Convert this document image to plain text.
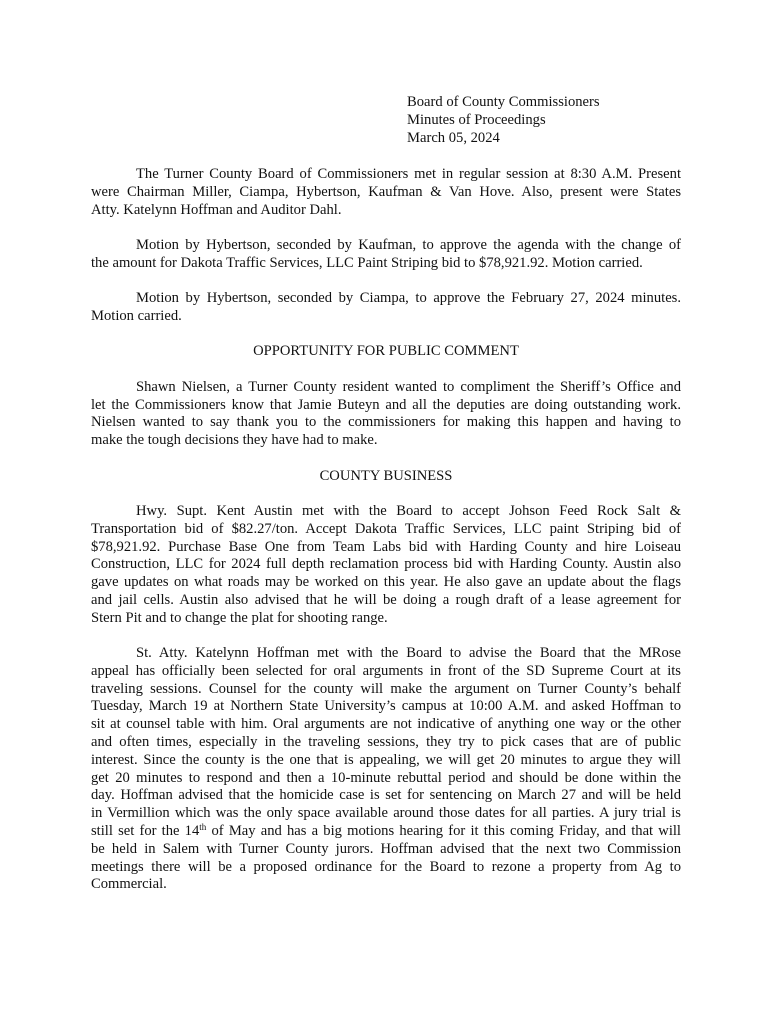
Board of County Commissioners
Minutes of Proceedings
March 05, 2024
The Turner County Board of Commissioners met in regular session at 8:30 A.M. Present
were Chairman Miller, Ciampa, Hybertson, Kaufman & Van Hove. Also, present were States
Atty. Katelynn Hoffman and Auditor Dahl.
Motion by Hybertson, seconded by Kaufman, to approve the agenda with the change of
the amount for Dakota Traffic Services, LLC Paint Striping bid to $78,921.92. Motion carried.
Motion by Hybertson, seconded by Ciampa, to approve the February 27, 2024 minutes.
Motion carried.
OPPORTUNITY FOR PUBLIC COMMENT
Shawn Nielsen, a Turner County resident wanted to compliment the Sheriff’s Office and
let the Commissioners know that Jamie Buteyn and all the deputies are doing outstanding work.
Nielsen wanted to say thank you to the commissioners for making this happen and having to
make the tough decisions they have had to make.
COUNTY BUSINESS
Hwy. Supt. Kent Austin met with the Board to accept Johson Feed Rock Salt &
Transportation bid of $82.27/ton. Accept Dakota Traffic Services, LLC paint Striping bid of
$78,921.92. Purchase Base One from Team Labs bid with Harding County and hire Loiseau
Construction, LLC for 2024 full depth reclamation process bid with Harding County. Austin also
gave updates on what roads may be worked on this year. He also gave an update about the flags
and jail cells. Austin also advised that he will be doing a rough draft of a lease agreement for
Stern Pit and to change the plat for shooting range.
St. Atty. Katelynn Hoffman met with the Board to advise the Board that the MRose
appeal has officially been selected for oral arguments in front of the SD Supreme Court at its
traveling sessions. Counsel for the county will make the argument on Turner County’s behalf
Tuesday, March 19 at Northern State University’s campus at 10:00 A.M. and asked Hoffman to
sit at counsel table with him. Oral arguments are not indicative of anything one way or the other
and often times, especially in the traveling sessions, they try to pick cases that are of public
interest. Since the county is the one that is appealing, we will get 20 minutes to argue they will
get 20 minutes to respond and then a 10-minute rebuttal period and should be done within the
day. Hoffman advised that the homicide case is set for sentencing on March 27 and will be held
in Vermillion which was the only space available around those dates for all parties. A jury trial is
still set for the 14th of May and has a big motions hearing for it this coming Friday, and that will
be held in Salem with Turner County jurors. Hoffman advised that the next two Commission
meetings there will be a proposed ordinance for the Board to rezone a property from Ag to
Commercial.
